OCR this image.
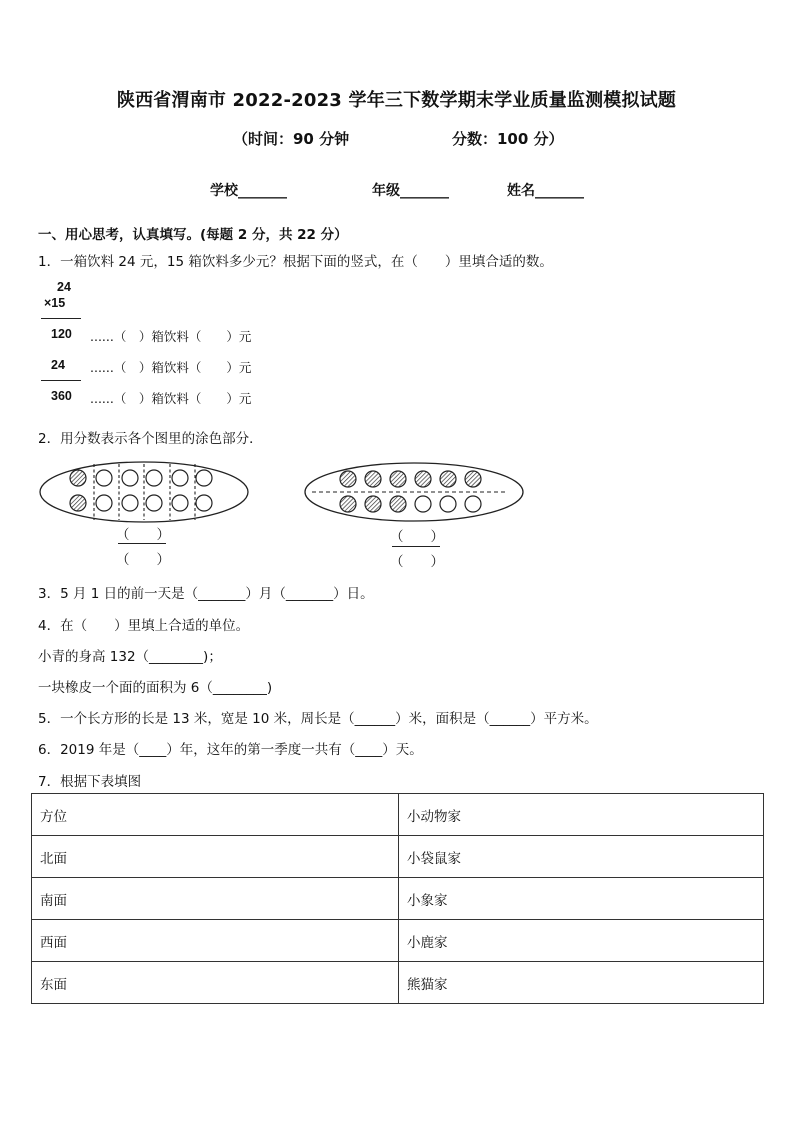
陕西省渭南市 2022-2023 学年三下数学期末学业质量监测模拟试题
（时间：90 分钟	分数：100 分）
学校_______	年级_______	姓名_______
一、用心思考，认真填写。(每题 2 分，共 22 分）
1．一箱饮料 24 元，15 箱饮料多少元？根据下面的竖式，在（　　）里填合适的数。
24
×15
120 ......（　）箱饮料（　　）元
24 ......（　）箱饮料（　　）元
360 ......（　）箱饮料（　　）元
2．用分数表示各个图里的涂色部分．
（　　）
（　　）
（　　）
（　　）
3．5 月 1 日的前一天是（_______）月（_______）日。
4．在（　　）里填上合适的单位。
小青的身高 132（________)；
一块橡皮一个面的面积为 6（________)
5．一个长方形的长是 13 米，宽是 10 米，周长是（______）米，面积是（______）平方米。
6．2019 年是（____）年，这年的第一季度一共有（____）天。
7．根据下表填图
方位	小动物家
北面	小袋鼠家
南面	小象家
西面	小鹿家
东面	熊猫家
